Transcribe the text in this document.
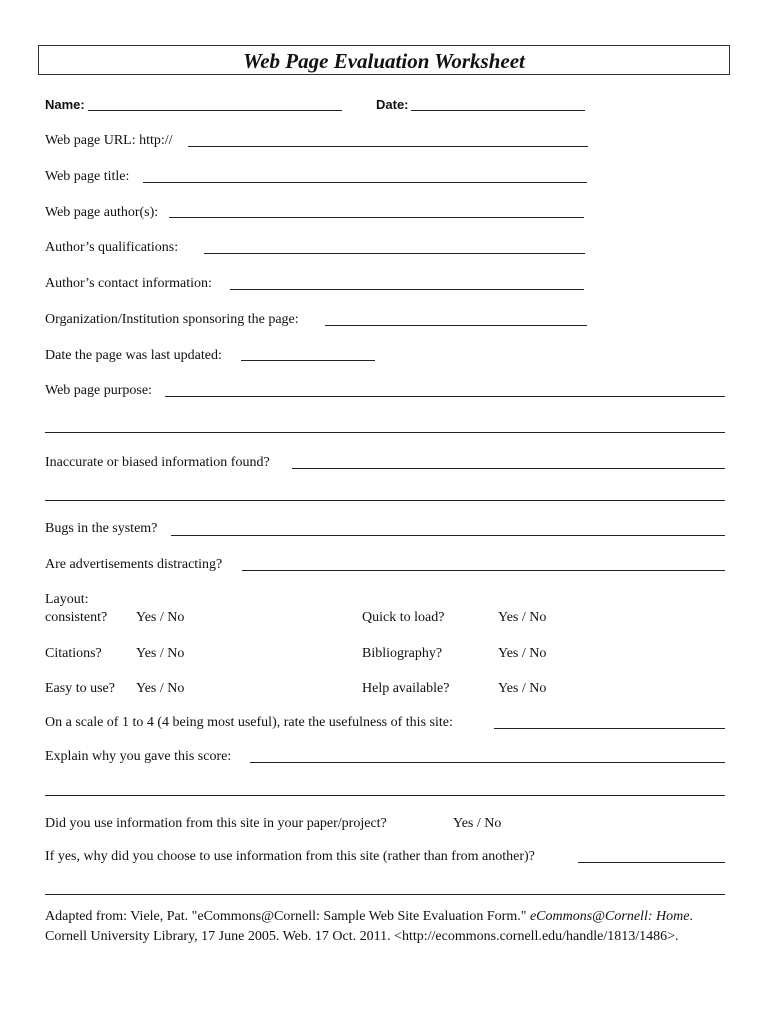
Web Page Evaluation Worksheet
Name:	Date:
Web page URL: http://
Web page title:
Web page author(s):
Author’s qualifications:
Author’s contact information:
Organization/Institution sponsoring the page:
Date the page was last updated:
Web page purpose:
Inaccurate or biased information found?
Bugs in the system?
Are advertisements distracting?
Layout:
consistent? Yes / No	Quick to load?	Yes / No
Citations? Yes / No	Bibliography?	Yes / No
Easy to use? Yes / No	Help available?	Yes / No
On a scale of 1 to 4 (4 being most useful), rate the usefulness of this site:
Explain why you gave this score:
Did you use information from this site in your paper/project?	Yes / No
If yes, why did you choose to use information from this site (rather than from another)?
Adapted from: Viele, Pat. "eCommons@Cornell: Sample Web Site Evaluation Form." eCommons@Cornell: Home. Cornell University Library, 17 June 2005. Web. 17 Oct. 2011. <http://ecommons.cornell.edu/handle/1813/1486>.
